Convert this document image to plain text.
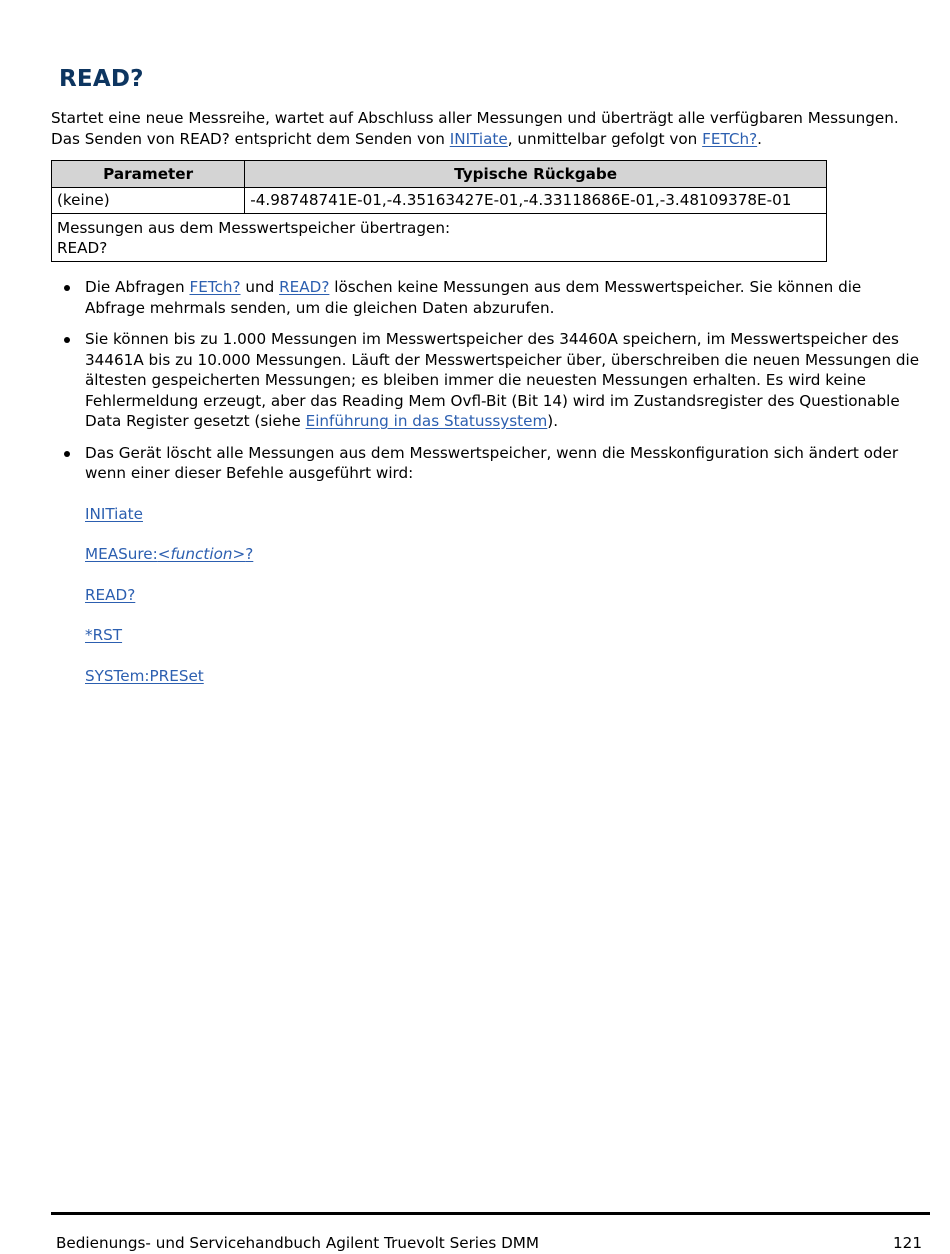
READ?

Startet eine neue Messreihe, wartet auf Abschluss aller Messungen und überträgt alle verfügbaren Messungen. Das Senden von READ? entspricht dem Senden von INITiate, unmittelbar gefolgt von FETCh?.

Parameter	Typische Rückgabe
(keine)	-4.98748741E-01,-4.35163427E-01,-4.33118686E-01,-3.48109378E-01

Messungen aus dem Messwertspeicher übertragen:
READ?	
Die Abfragen FETch? und READ? löschen keine Messungen aus dem Messwertspeicher. Sie können die Abfrage mehrmals senden, um die gleichen Daten abzurufen.
Sie können bis zu 1.000 Messungen im Messwertspeicher des 34460A speichern, im Messwertspeicher des 34461A bis zu 10.000 Messungen. Läuft der Messwertspeicher über, überschreiben die neuen Messungen die ältesten gespeicherten Messungen; es bleiben immer die neuesten Messungen erhalten. Es wird keine Fehlermeldung erzeugt, aber das Reading Mem Ovfl-Bit (Bit 14) wird im Zustandsregister des Questionable Data Register gesetzt (siehe Einführung in das Statussystem).
Das Gerät löscht alle Messungen aus dem Messwertspeicher, wenn die Messkonfiguration sich ändert oder wenn einer dieser Befehle ausgeführt wird:
INITiate
MEASure:<function>?
READ?
*RST
SYSTem:PRESet
Bedienungs- und Servicehandbuch Agilent Truevolt Series DMM	121
